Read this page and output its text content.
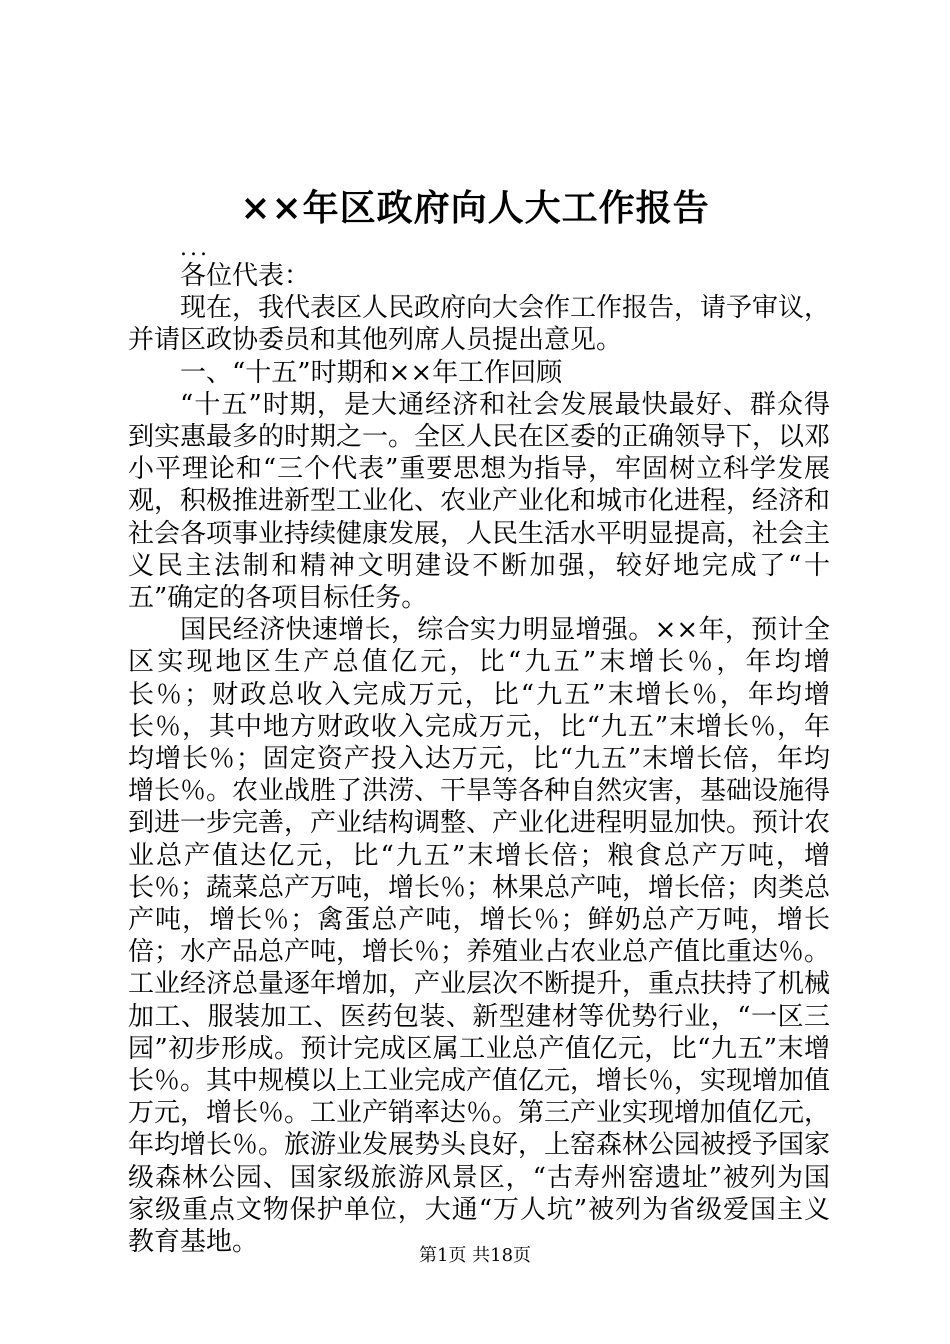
××年区政府向人大工作报告

...

各位代表：

现在，我代表区人民政府向大会作工作报告，请予审议，并请区政协委员和其他列席人员提出意见。

一、“十五”时期和××年工作回顾

“十五”时期，是大通经济和社会发展最快最好、群众得到实惠最多的时期之一。全区人民在区委的正确领导下，以邓小平理论和“三个代表”重要思想为指导，牢固树立科学发展观，积极推进新型工业化、农业产业化和城市化进程，经济和社会各项事业持续健康发展，人民生活水平明显提高，社会主义民主法制和精神文明建设不断加强，较好地完成了“十五”确定的各项目标任务。

国民经济快速增长，综合实力明显增强。××年，预计全区实现地区生产总值亿元，比“九五”末增长％，年均增长％；财政总收入完成万元，比“九五”末增长％，年均增长％，其中地方财政收入完成万元，比“九五”末增长％，年均增长％；固定资产投入达万元，比“九五”末增长倍，年均增长％。农业战胜了洪涝、干旱等各种自然灾害，基础设施得到进一步完善，产业结构调整、产业化进程明显加快。预计农业总产值达亿元，比“九五”末增长倍；粮食总产万吨，增长％；蔬菜总产万吨，增长％；林果总产吨，增长倍；肉类总产吨，增长％；禽蛋总产吨，增长％；鲜奶总产万吨，增长倍；水产品总产吨，增长％；养殖业占农业总产值比重达％。工业经济总量逐年增加，产业层次不断提升，重点扶持了机械加工、服装加工、医药包装、新型建材等优势行业，“一区三园”初步形成。预计完成区属工业总产值亿元，比“九五”末增长％。其中规模以上工业完成产值亿元，增长％，实现增加值万元，增长％。工业产销率达％。第三产业实现增加值亿元，年均增长％。旅游业发展势头良好，上窑森林公园被授予国家级森林公园、国家级旅游风景区，“古寿州窑遗址”被列为国家级重点文物保护单位，大通“万人坑”被列为省级爱国主义教育基地。	第1页 共18页
